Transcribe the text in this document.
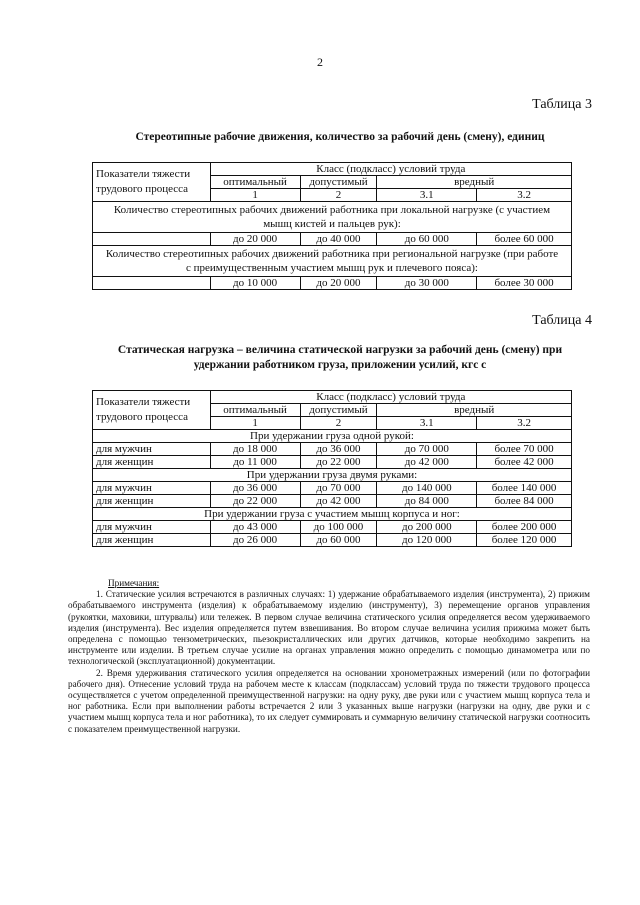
2
Таблица 3
Стереотипные рабочие движения, количество за рабочий день (смену), единиц
Показатели тяжести трудового процесса	Класс (подкласс) условий труда			
	оптимальный	допустимый	вредный	
	1	2	3.1	3.2
Количество стереотипных рабочих движений работника при локальной нагрузке (с участием мышц кистей и пальцев рук):				
	до 20 000	до 40 000	до 60 000	более 60 000
Количество стереотипных рабочих движений работника при региональной нагрузке (при работе с преимущественным участием мышц рук и плечевого пояса):				
	до 10 000	до 20 000	до 30 000	более 30 000
Таблица 4
Статическая нагрузка – величина статической нагрузки за рабочий день (смену) при удержании работником груза, приложении усилий, кгс с
Показатели тяжести трудового процесса	Класс (подкласс) условий труда			
	оптимальный	допустимый	вредный	
	1	2	3.1	3.2
При удержании груза одной рукой:				
для мужчин	до 18 000	до 36 000	до 70 000	более 70 000
для женщин	до 11 000	до 22 000	до 42 000	более 42 000
При удержании груза двумя руками:				
для мужчин	до 36 000	до 70 000	до 140 000	более 140 000
для женщин	до 22 000	до 42 000	до 84 000	более 84 000
При удержании груза с участием мышц корпуса и ног:				
для мужчин	до 43 000	до 100 000	до 200 000	более 200 000
для женщин	до 26 000	до 60 000	до 120 000	более 120 000
Примечания:

1. Статические усилия встречаются в различных случаях: 1) удержание обрабатываемого изделия (инструмента), 2) прижим обрабатываемого инструмента (изделия) к обрабатываемому изделию (инструменту), 3) перемещение органов управления (рукоятки, маховики, штурвалы) или тележек. В первом случае величина статического усилия определяется весом удерживаемого изделия (инструмента). Вес изделия определяется путем взвешивания. Во втором случае величина усилия прижима может быть определена с помощью тензометрических, пьезокристаллических или других датчиков, которые необходимо закрепить на инструменте или изделии. В третьем случае усилие на органах управления можно определить с помощью динамометра или по технологической (эксплуатационной) документации.

2. Время удерживания статического усилия определяется на основании хронометражных измерений (или по фотографии рабочего дня). Отнесение условий труда на рабочем месте к классам (подклассам) условий труда по тяжести трудового процесса осуществляется с учетом определенной преимущественной нагрузки: на одну руку, две руки или с участием мышц корпуса тела и ног работника. Если при выполнении работы встречается 2 или 3 указанных выше нагрузки (нагрузки на одну, две руки и с участием мышц корпуса тела и ног работника), то их следует суммировать и суммарную величину статической нагрузки соотносить с показателем преимущественной нагрузки.
